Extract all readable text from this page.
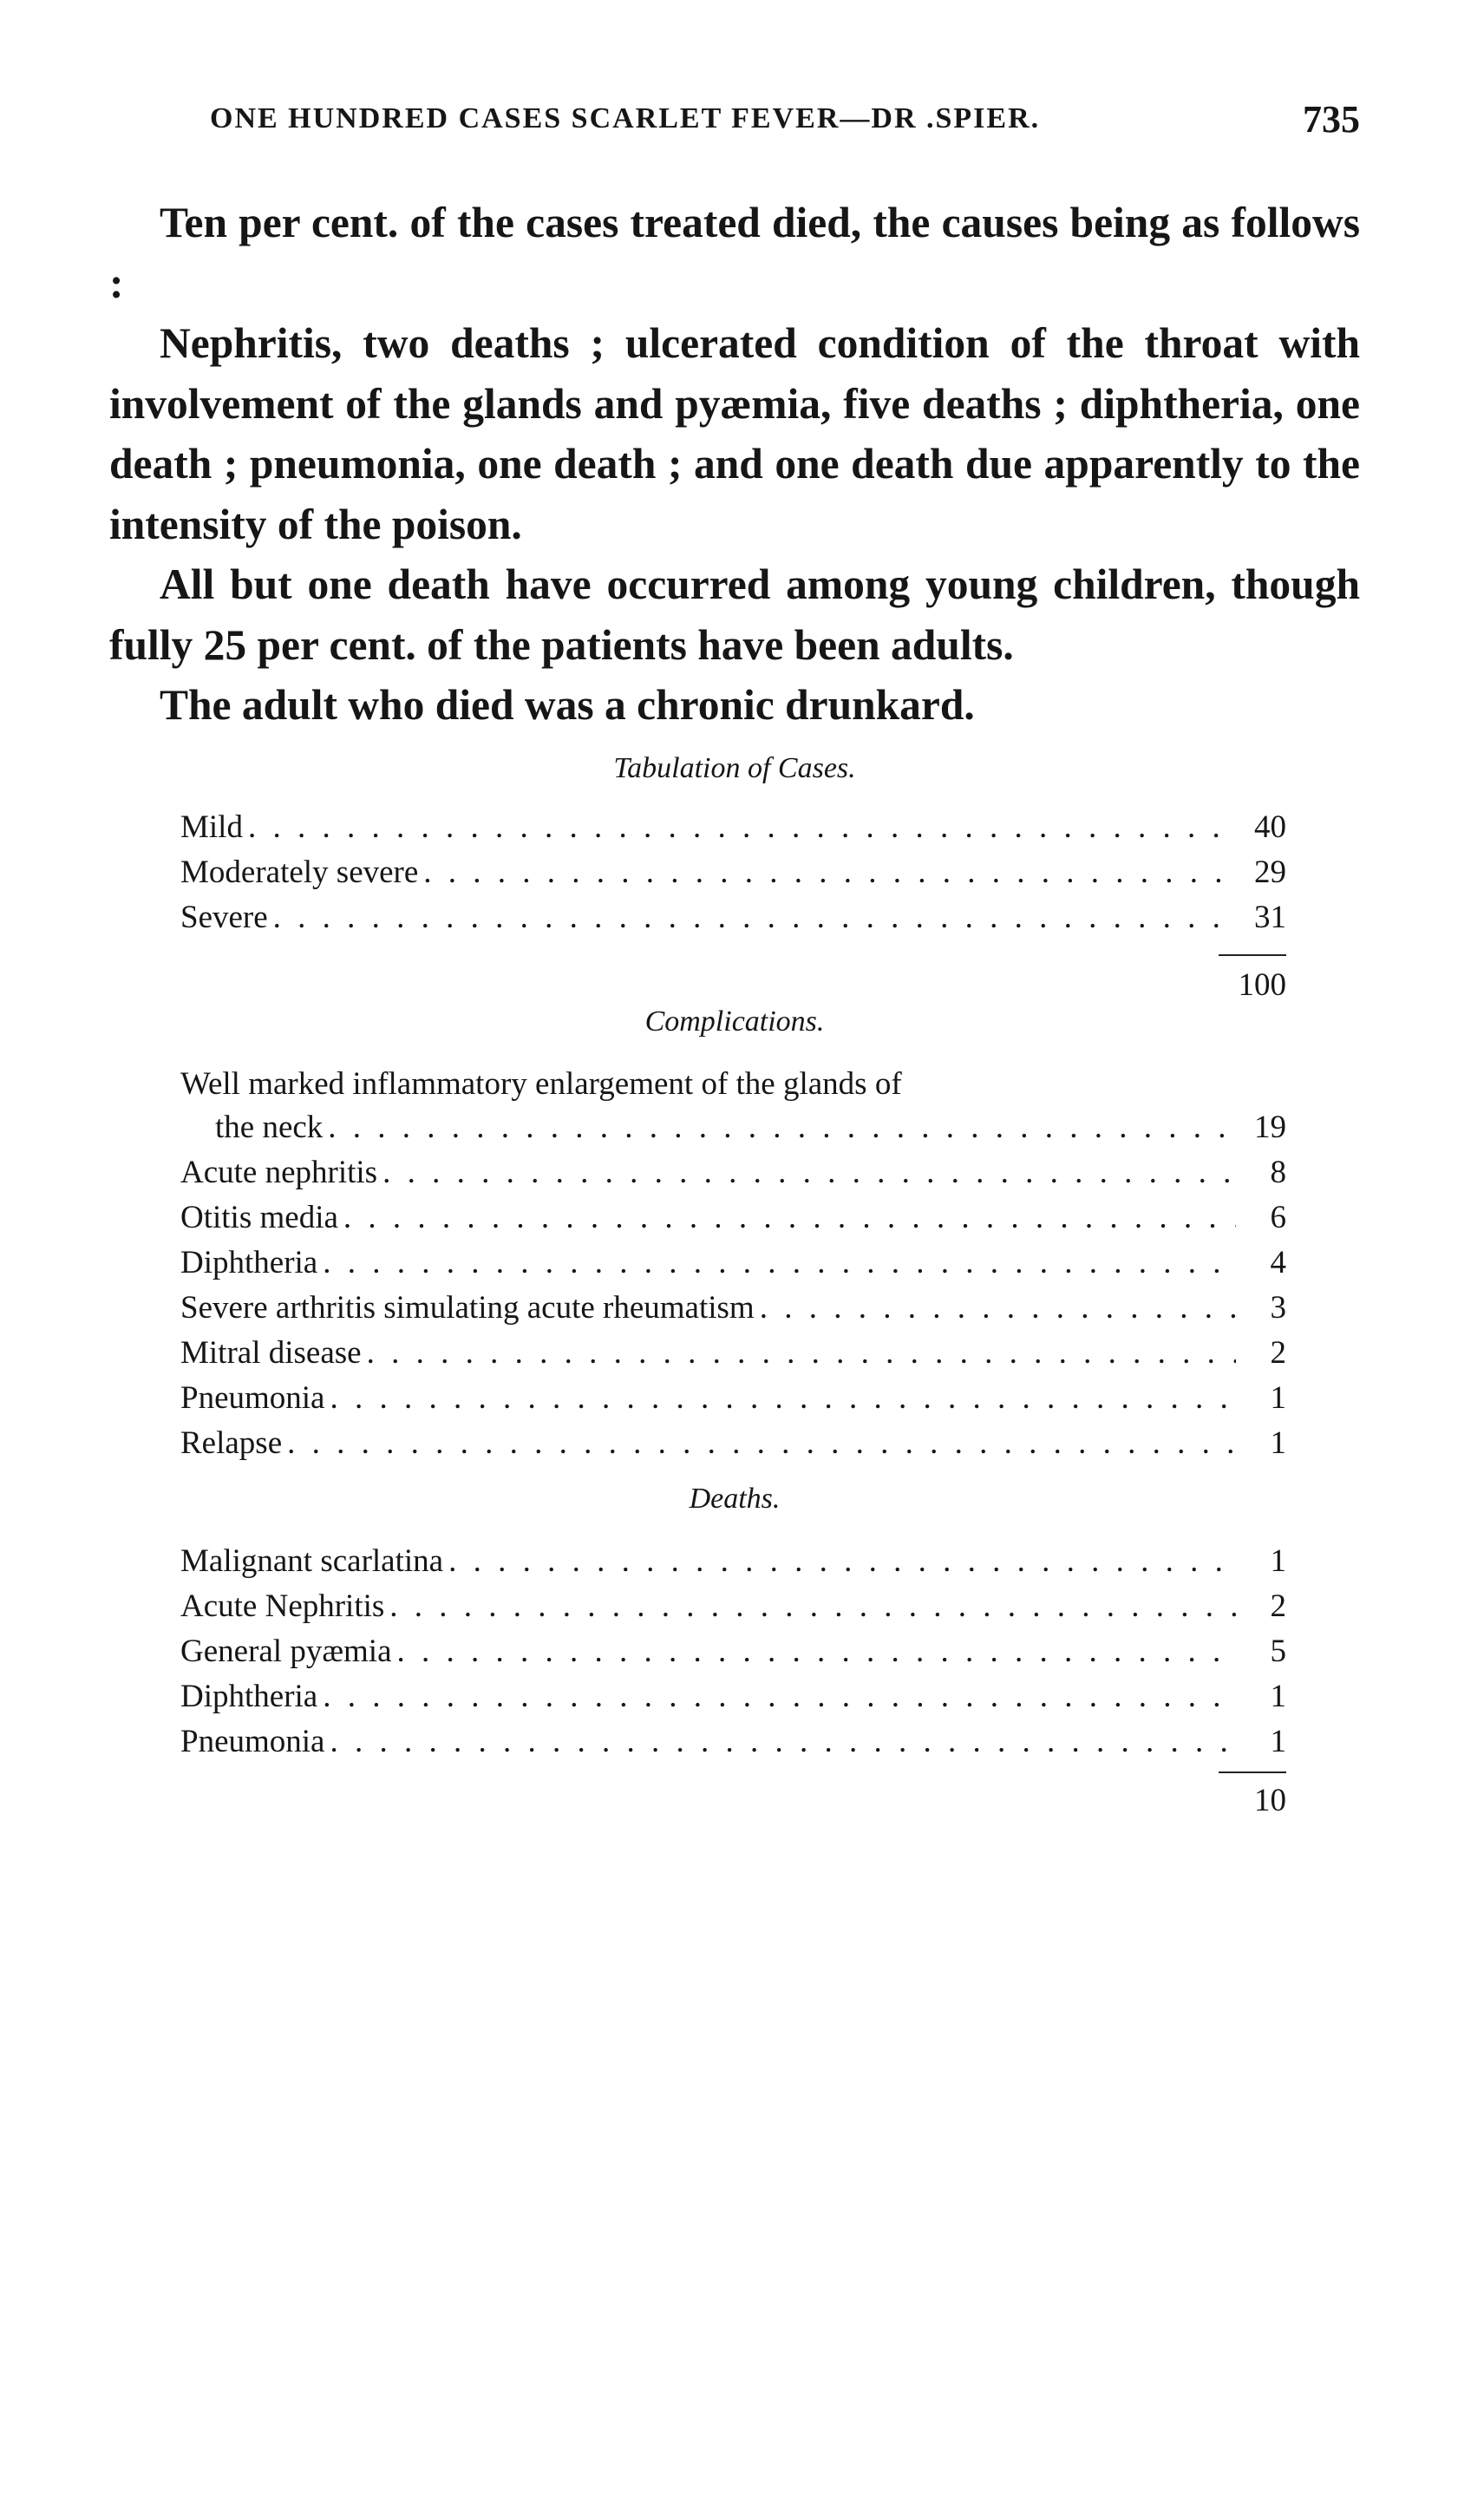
ONE HUNDRED CASES SCARLET FEVER—DR .SPIER.	735

Ten per cent. of the cases treated died, the causes being as follows :

Nephritis, two deaths ; ulcerated condition of the throat with involvement of the glands and pyæmia, five deaths ; diphtheria, one death ; pneumonia, one death ; and one death due apparently to the intensity of the poison.

All but one death have occurred among young children, though fully 25 per cent. of the patients have been adults.

The adult who died was a chronic drunkard.

Tabulation of Cases.
Mild . . .	40
Moderately severe . . .	29
Severe . . .	31
100
Complications.
Well marked inflammatory enlargement of the glands of
the neck . . .	19
Acute nephritis . . .	8
Otitis media . . .	6
Diphtheria . . .	4
Severe arthritis simulating acute rheumatism . . .	3
Mitral disease . . .	2
Pneumonia . . .	1
Relapse . . .	1
Deaths.
Malignant scarlatina . . .	1
Acute Nephritis . . .	2
General pyæmia . . .	5
Diphtheria . . .	1
Pneumonia . . .	1
10
